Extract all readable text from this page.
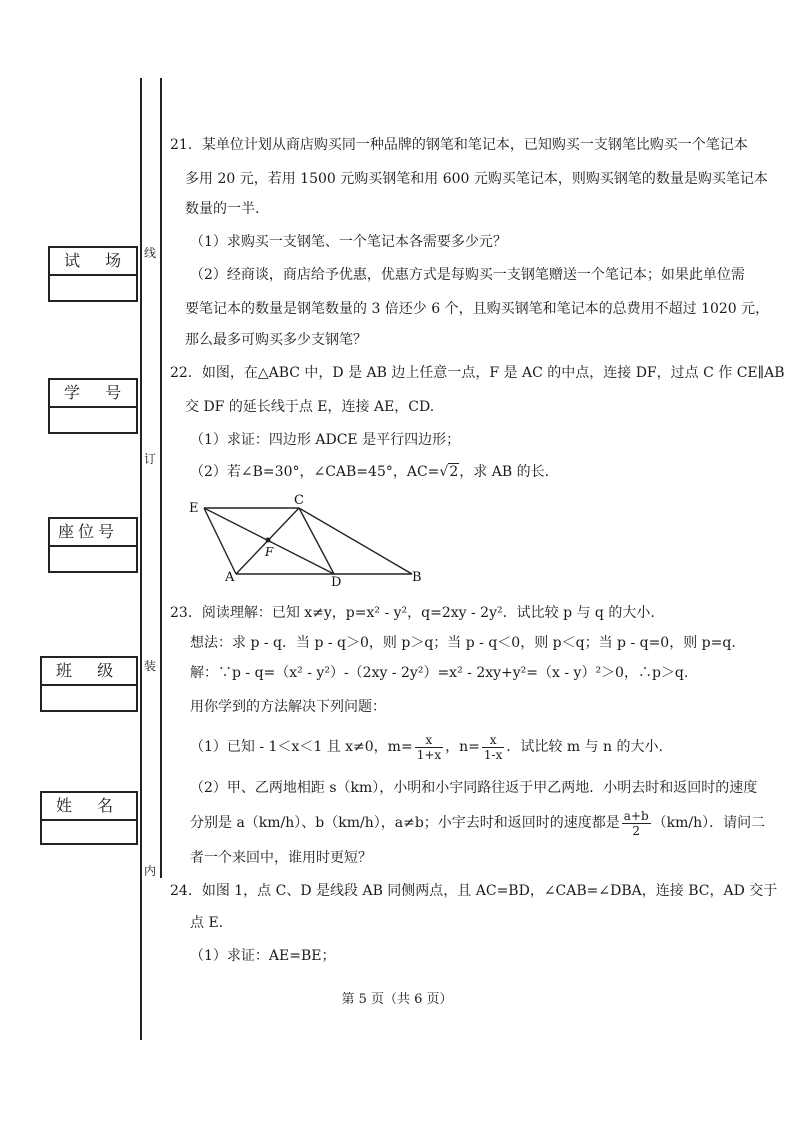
线
订
装
内
试 场
学 号
座位号
班 级
姓 名
21．某单位计划从商店购买同一种品牌的钢笔和笔记本，已知购买一支钢笔比购买一个笔记本
多用 20 元，若用 1500 元购买钢笔和用 600 元购买笔记本，则购买钢笔的数量是购买笔记本
数量的一半.
（1）求购买一支钢笔、一个笔记本各需要多少元？
（2）经商谈，商店给予优惠，优惠方式是每购买一支钢笔赠送一个笔记本；如果此单位需
要笔记本的数量是钢笔数量的 3 倍还少 6 个，且购买钢笔和笔记本的总费用不超过 1020 元，
那么最多可购买多少支钢笔？
22．如图，在△ABC 中，D 是 AB 边上任意一点，F 是 AC 的中点，连接 DF，过点 C 作 CE∥AB
交 DF 的延长线于点 E，连接 AE，CD.
（1）求证：四边形 ADCE 是平行四边形；
（2）若∠B=30°，∠CAB=45°，AC=√2，求 AB 的长.
E
C
F
A	D	B
23．阅读理解：已知 x≠y，p=x² - y²，q=2xy - 2y²．试比较 p 与 q 的大小.
想法：求 p - q．当 p - q＞0，则 p＞q；当 p - q＜0，则 p＜q；当 p - q=0，则 p=q.
解：∵p - q=（x² - y²）-（2xy - 2y²）=x² - 2xy+y²=（x - y）²＞0，∴p＞q.
用你学到的方法解决下列问题：
（1）已知 - 1＜x＜1 且 x≠0，$m= \frac{x}{1+x}$ ，$n= \frac{x}{1-x}$ ．试比较 m 与 n 的大小.
（2）甲、乙两地相距 s（km），小明和小宇同路往返于甲乙两地．小明去时和返回时的速度
分别是 a（km/h）、b（km/h），a≠b；小宇去时和返回时的速度都是 $\frac{a+b}{2} (km/h)$．请问二
者一个来回中，谁用时更短？
24．如图 1，点 C、D 是线段 AB 同侧两点，且 AC=BD，∠CAB=∠DBA，连接 BC，AD 交于
点 E.
（1）求证：AE=BE；
第 5 页（共 6 页）
